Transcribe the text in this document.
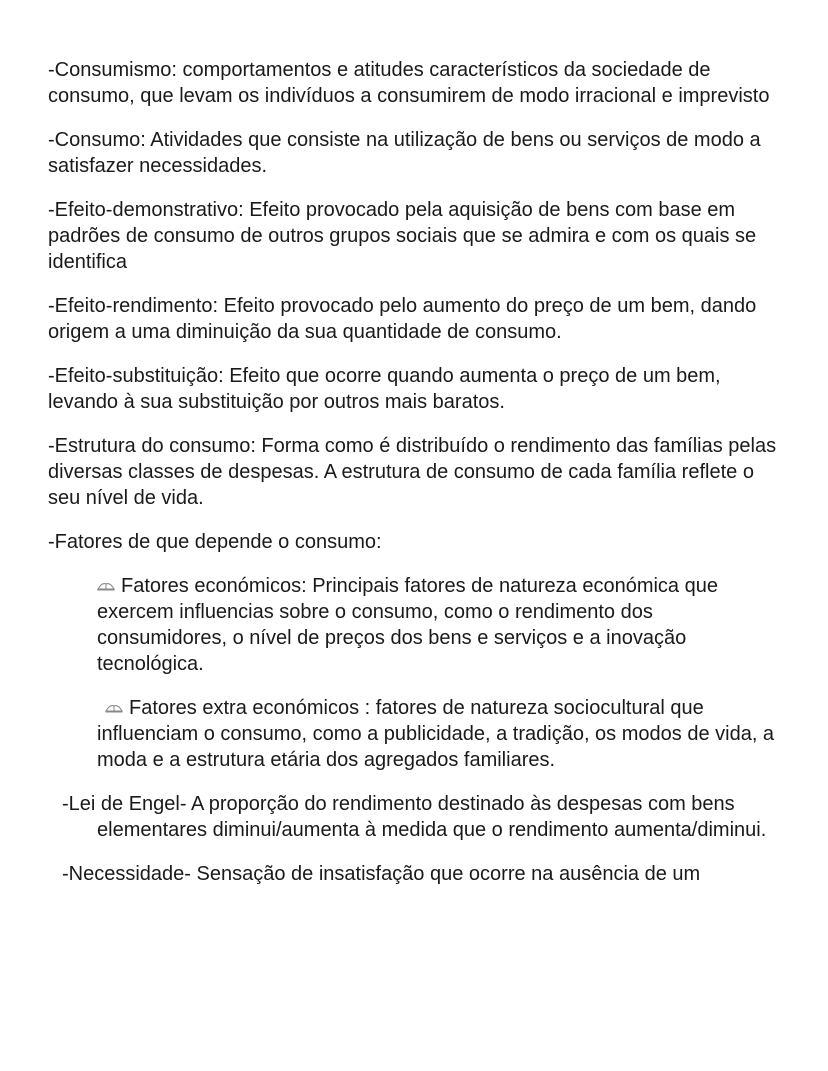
-Consumismo: comportamentos e atitudes característicos da sociedade de consumo, que levam os indivíduos a consumirem de modo irracional e imprevisto

-Consumo: Atividades que consiste na utilização de bens ou serviços de modo a satisfazer necessidades.

-Efeito-demonstrativo: Efeito provocado pela aquisição de bens com base em padrões de consumo de outros grupos sociais que se admira e com os quais se identifica

-Efeito-rendimento: Efeito provocado pelo aumento do preço de um bem, dando origem a uma diminuição da sua quantidade de consumo.

-Efeito-substituição: Efeito que ocorre quando aumenta o preço de um bem, levando à sua substituição por outros mais baratos.

-Estrutura do consumo: Forma como é distribuído o rendimento das famílias pelas diversas classes de despesas. A estrutura de consumo de cada família reflete o seu nível de vida.

-Fatores de que depende o consumo:

Fatores económicos: Principais fatores de natureza económica que exercem influencias sobre o consumo, como o rendimento dos consumidores, o nível de preços dos bens e serviços e a inovação tecnológica.

Fatores extra económicos : fatores de natureza sociocultural que influenciam o consumo, como a publicidade, a tradição, os modos de vida, a moda e a estrutura etária dos agregados familiares.

-Lei de Engel- A proporção do rendimento destinado às despesas com bens elementares diminui/aumenta à medida que o rendimento aumenta/diminui.

-Necessidade- Sensação de insatisfação que ocorre na ausência de um
